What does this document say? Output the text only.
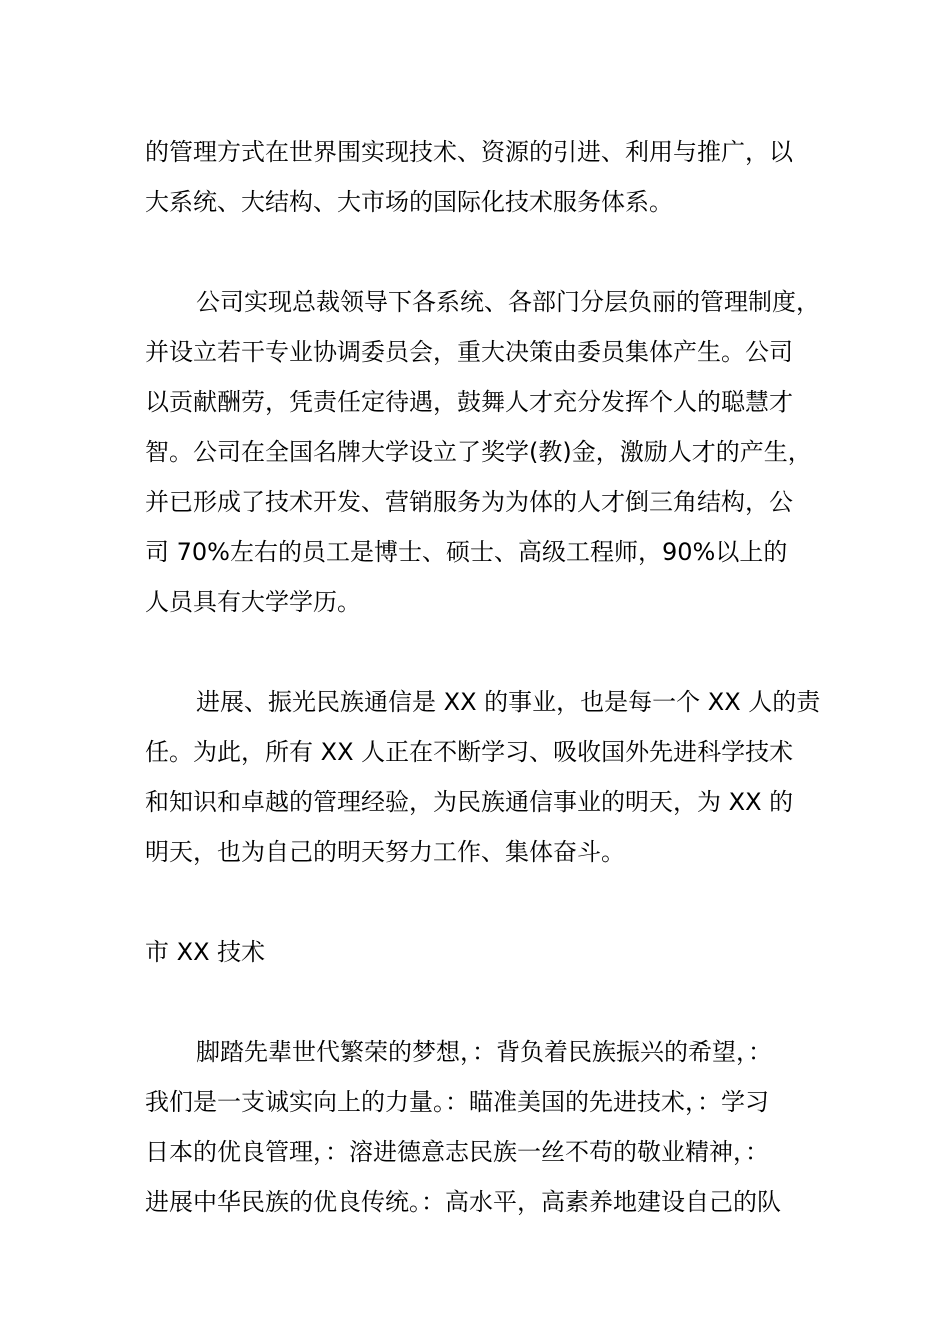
的管理方式在世界围实现技术、资源的引进、利用与推广，以
大系统、大结构、大市场的国际化技术服务体系。
公司实现总裁领导下各系统、各部门分层负丽的管理制度，
并设立若干专业协调委员会，重大决策由委员集体产生。公司
以贡献酬劳，凭责任定待遇，鼓舞人才充分发挥个人的聪慧才
智。公司在全国名牌大学设立了奖学(教)金，激励人才的产生，
并已形成了技术开发、营销服务为为体的人才倒三角结构，公
司 70%左右的员工是博士、硕士、高级工程师，90%以上的
人员具有大学学历。
进展、振光民族通信是 XX 的事业，也是每一个 XX 人的责
任。为此，所有 XX 人正在不断学习、吸收国外先进科学技术
和知识和卓越的管理经验，为民族通信事业的明天，为 XX 的
明天，也为自己的明天努力工作、集体奋斗。
市 XX 技术
脚踏先辈世代繁荣的梦想，：背负着民族振兴的希望，：
我们是一支诚实向上的力量。：瞄准美国的先进技术，：学习
日本的优良管理，：溶进德意志民族一丝不苟的敬业精神，：
进展中华民族的优良传统。：高水平，高素养地建设自己的队
